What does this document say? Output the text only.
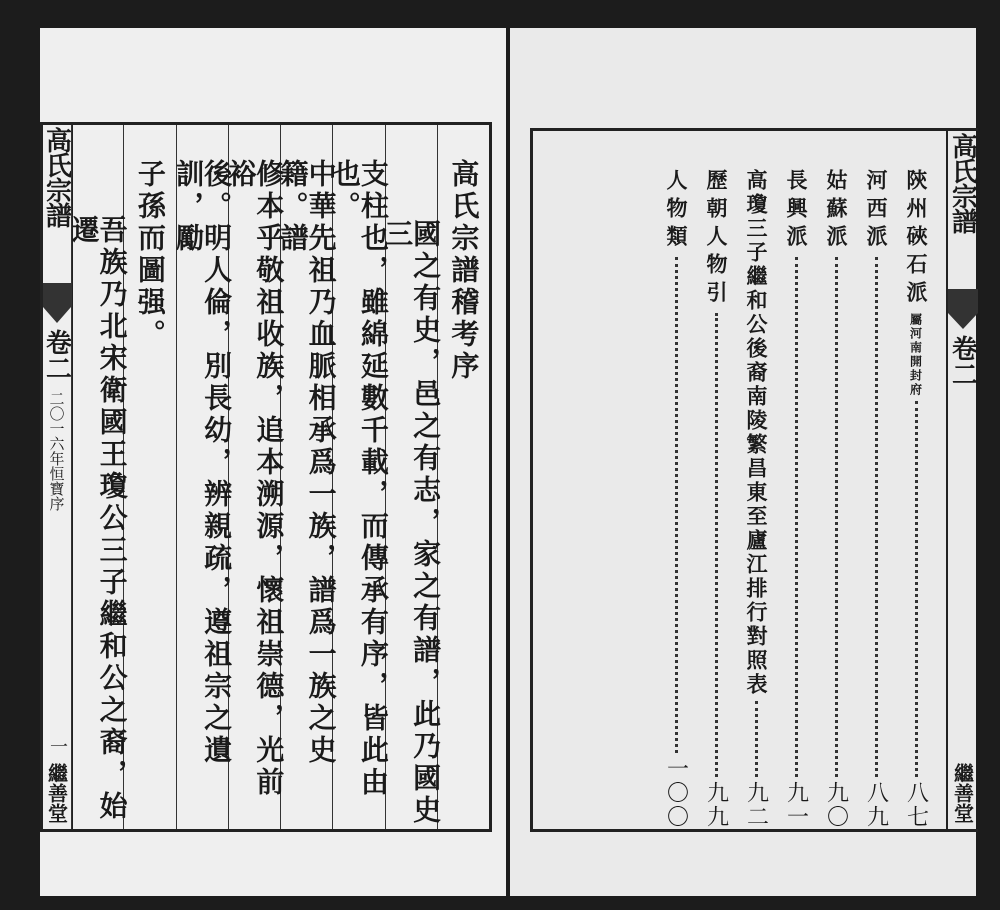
高氏宗譜
卷二
二〇一六年恒寶序
一
繼善堂
高氏宗譜稽考序
國之有史，邑之有志，家之有譜，此乃國史三
支柱也，雖綿延數千載，而傳承有序，皆此由也。
中華先祖乃血脈相承爲一族，譜爲一族之史籍。譜
修本乎敬祖收族，追本溯源，懷祖崇德，光前裕
後。明人倫，別長幼，辨親疏，遵祖宗之遺訓，勵
子孫而圖强。
吾族乃北宋衛國王瓊公三子繼和公之裔，始遷	高氏宗譜
卷二
繼善堂
陝州硤石派
屬河南開封府
八七
河西派
八九
姑蘇派
九〇
長興派
九一
高瓊三子繼和公後裔南陵繁昌東至廬江排行對照表
九二
歷朝人物引
九九
人物類
一〇〇
